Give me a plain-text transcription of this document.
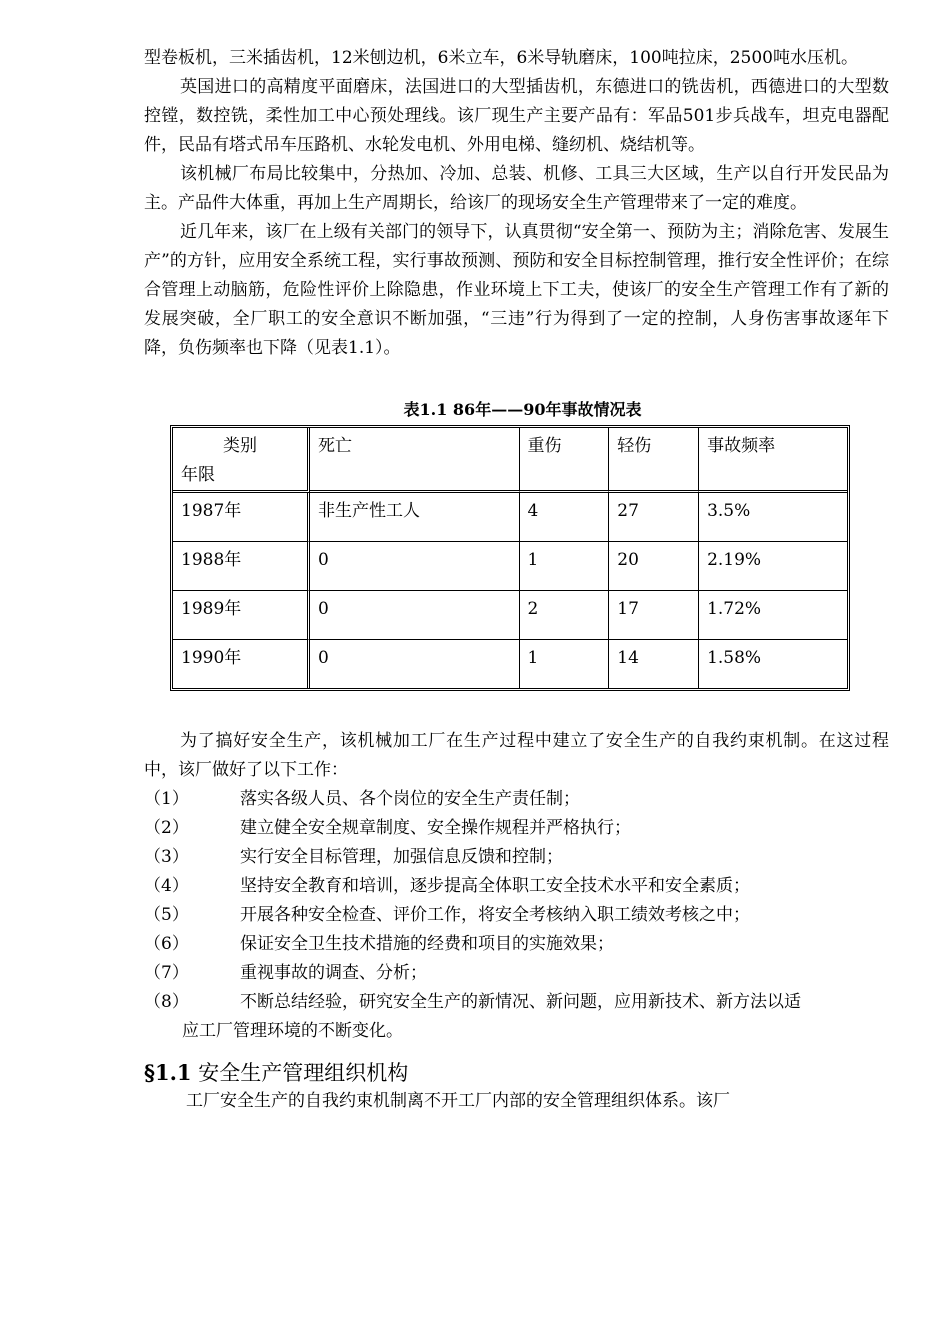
型卷板机，三米插齿机，12米刨边机，6米立车，6米导轨磨床，100吨拉床，2500吨水压机。

英国进口的高精度平面磨床，法国进口的大型插齿机，东德进口的铣齿机，西德进口的大型数控镗，数控铣，柔性加工中心预处理线。该厂现生产主要产品有：军品501步兵战车，坦克电器配件，民品有塔式吊车压路机、水轮发电机、外用电梯、缝纫机、烧结机等。

该机械厂布局比较集中，分热加、冷加、总装、机修、工具三大区域，生产以自行开发民品为主。产品件大体重，再加上生产周期长，给该厂的现场安全生产管理带来了一定的难度。

近几年来，该厂在上级有关部门的领导下，认真贯彻“安全第一、预防为主；消除危害、发展生产”的方针，应用安全系统工程，实行事故预测、预防和安全目标控制管理，推行安全性评价；在综合管理上动脑筋，危险性评价上除隐患，作业环境上下工夫，使该厂的安全生产管理工作有了新的发展突破，全厂职工的安全意识不断加强，“三违”行为得到了一定的控制，人身伤害事故逐年下降，负伤频率也下降（见表1.1）。

表1.1 86年——90年事故情况表
类别
年限	死亡	重伤	轻伤	事故频率
1987年	非生产性工人	4	27	3.5%
1988年	0	1	20	2.19%
1989年	0	2	17	1.72%
1990年	0	1	14	1.58%

为了搞好安全生产，该机械加工厂在生产过程中建立了安全生产的自我约束机制。在这过程中，该厂做好了以下工作：

（1）	落实各级人员、各个岗位的安全生产责任制；
（2）	建立健全安全规章制度、安全操作规程并严格执行；
（3）	实行安全目标管理，加强信息反馈和控制；
（4）	坚持安全教育和培训，逐步提高全体职工安全技术水平和安全素质；
（5）	开展各种安全检查、评价工作，将安全考核纳入职工绩效考核之中；
（6）	保证安全卫生技术措施的经费和项目的实施效果；
（7）	重视事故的调查、分析；
（8）	不断总结经验，研究安全生产的新情况、新问题，应用新技术、新方法以适
应工厂管理环境的不断变化。
§1.1 安全生产管理组织机构

工厂安全生产的自我约束机制离不开工厂内部的安全管理组织体系。该厂
